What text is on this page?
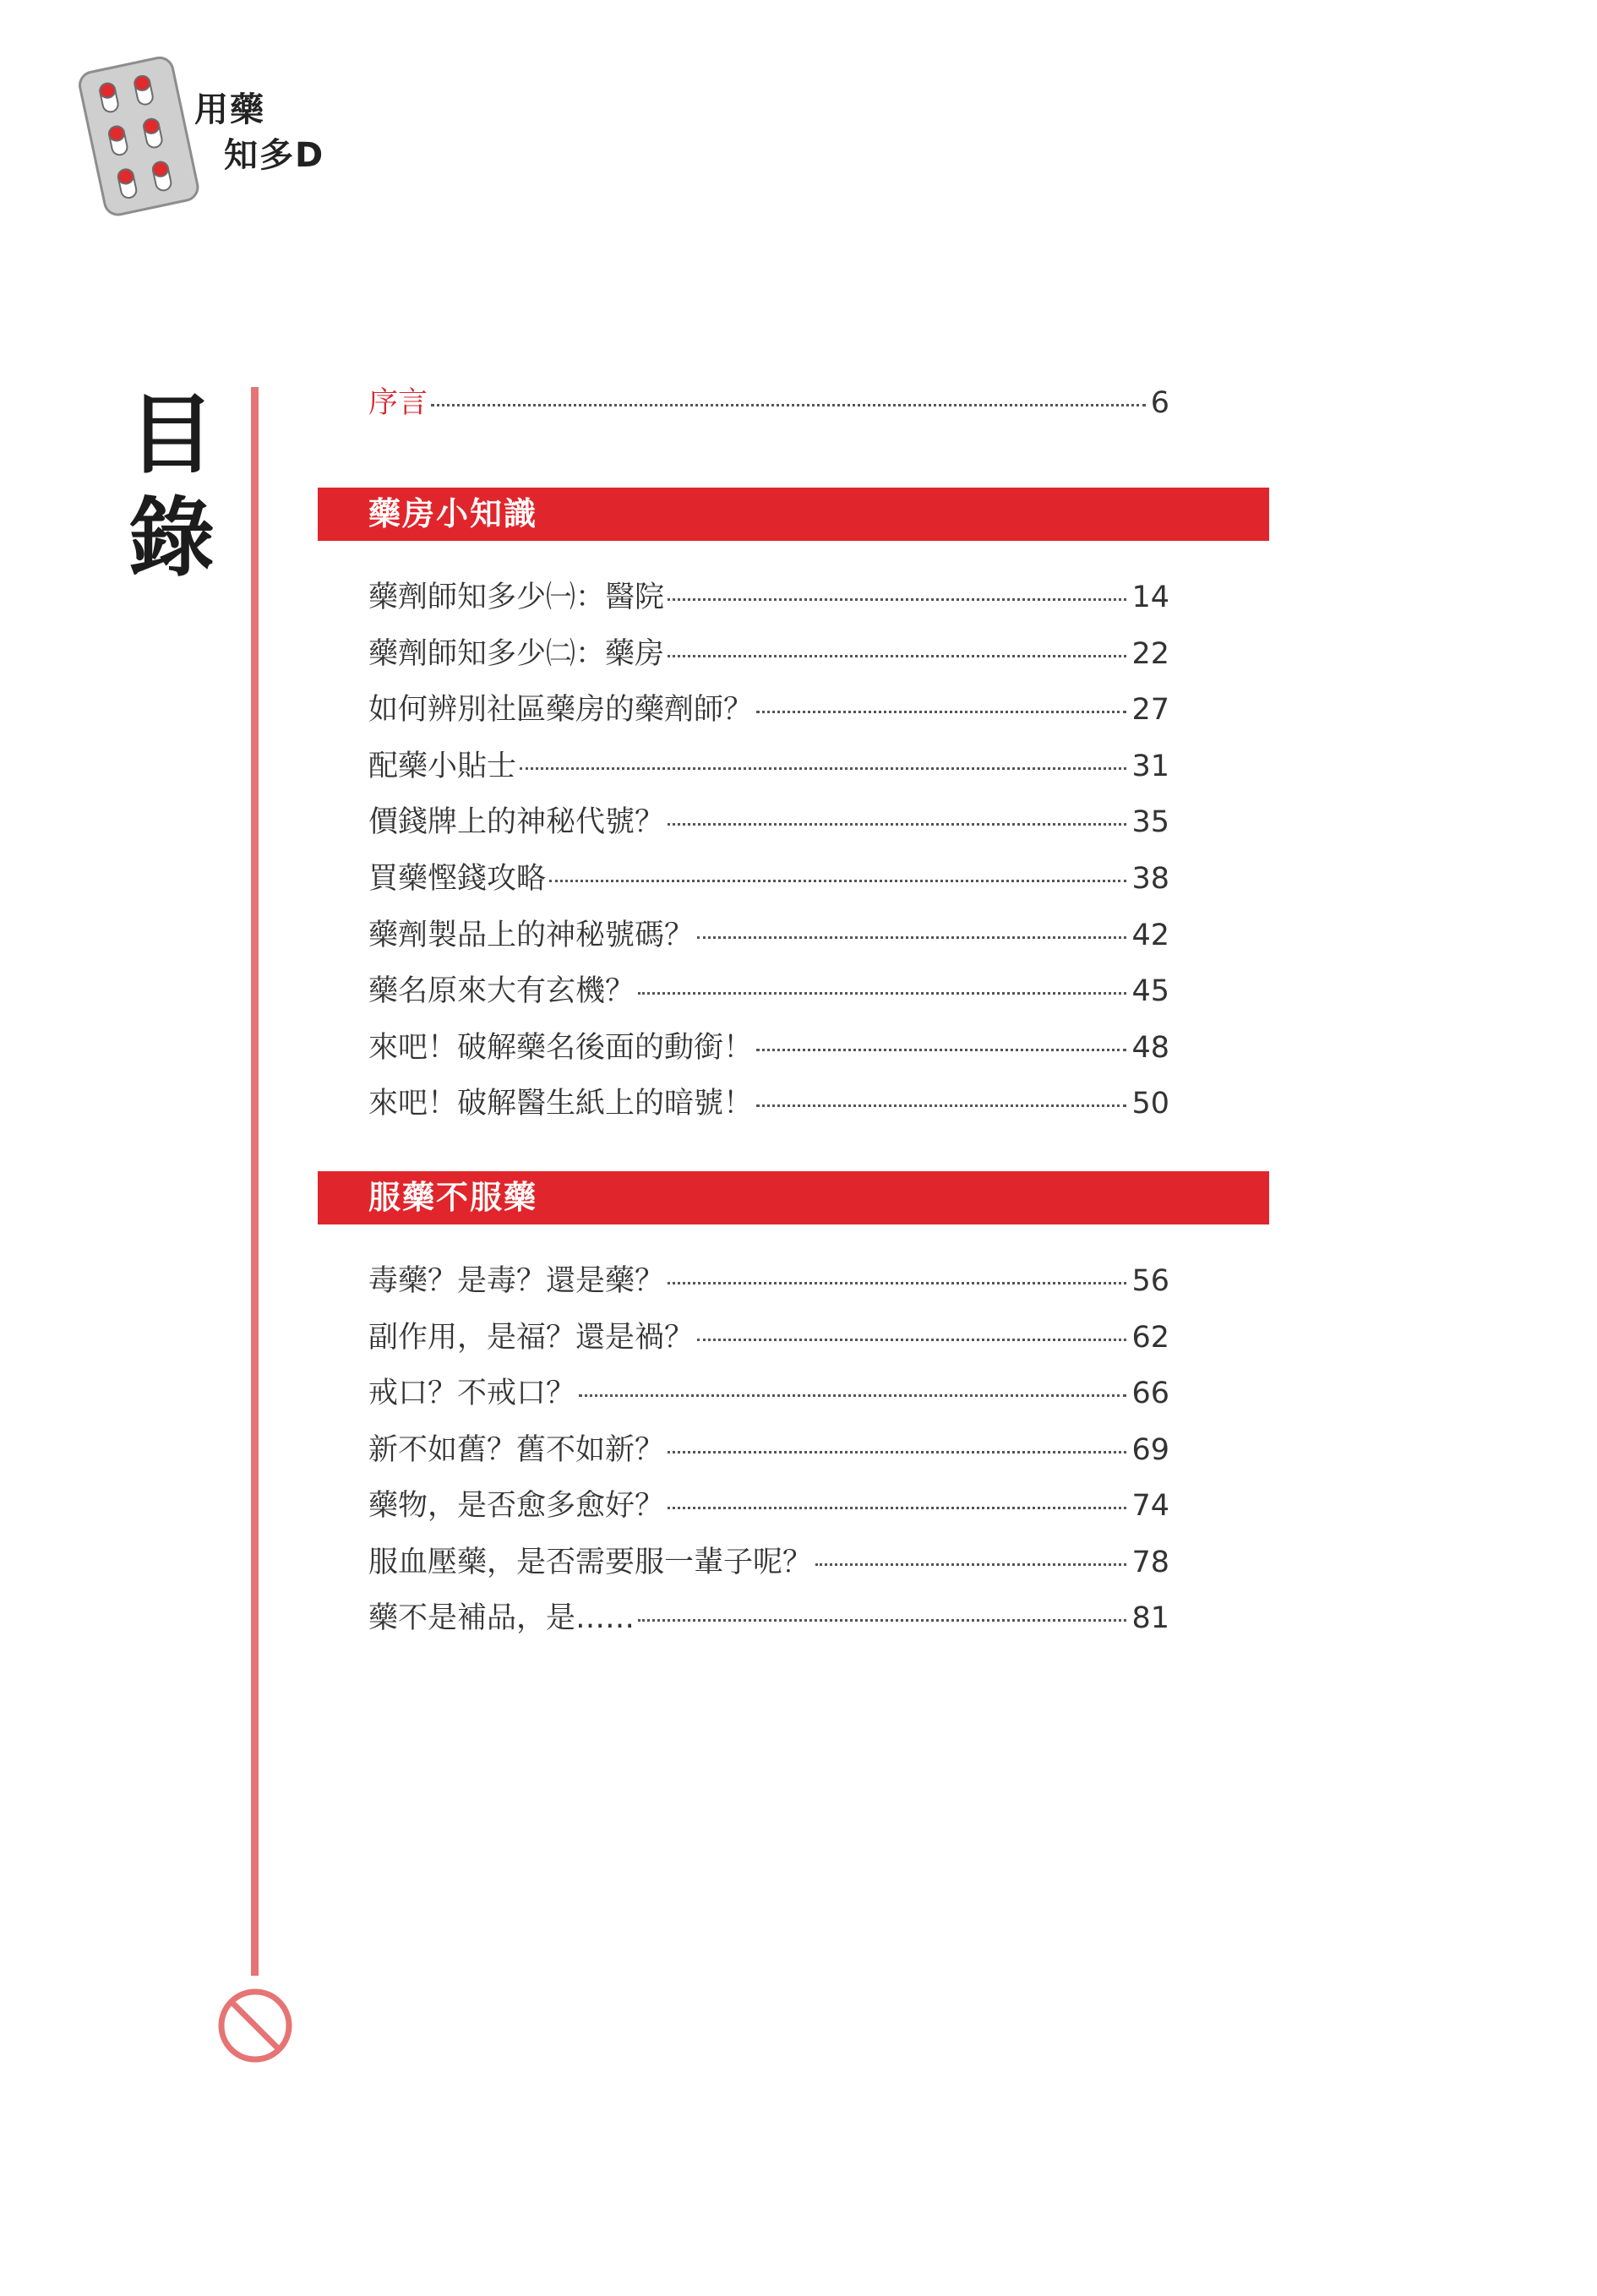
用藥
知多D
目
錄
序言	6
藥房小知識
藥劑師知多少㈠：醫院	14
藥劑師知多少㈡：藥房	22
如何辨別社區藥房的藥劑師？	27
配藥小貼士	31
價錢牌上的神秘代號？	35
買藥慳錢攻略	38
藥劑製品上的神秘號碼？	42
藥名原來大有玄機？	45
來吧！破解藥名後面的動銜！	48
來吧！破解醫生紙上的暗號！	50
服藥不服藥
毒藥？是毒？還是藥？	56
副作用，是福？還是禍？	62
戒口？不戒口？	66
新不如舊？舊不如新？	69
藥物，是否愈多愈好？	74
服血壓藥，是否需要服一輩子呢？	78
藥不是補品，是……	81
